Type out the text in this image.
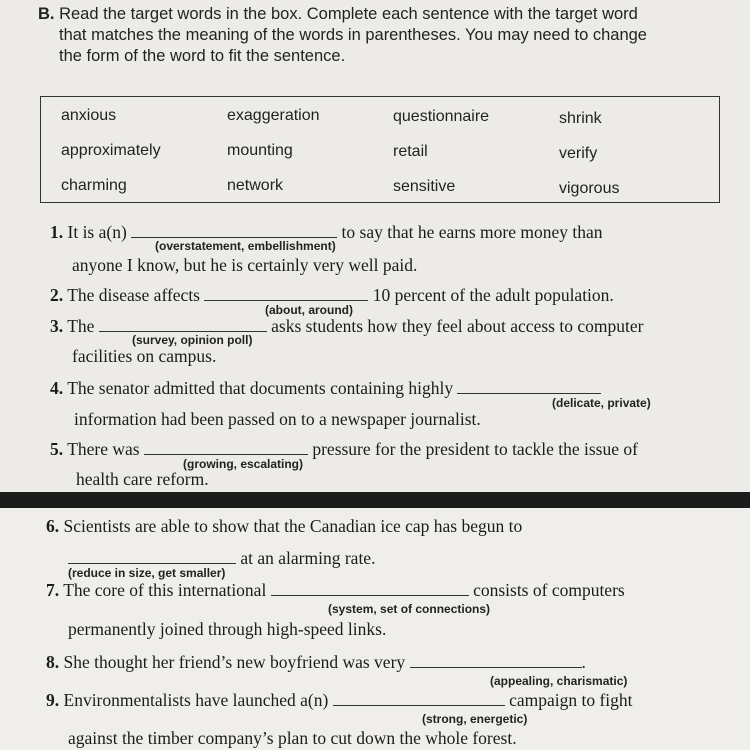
B. Read the target words in the box. Complete each sentence with the target word
that matches the meaning of the words in parentheses. You may need to change
the form of the word to fit the sentence.
anxious	exaggeration	questionnaire	shrink
approximately	mounting	retail	verify
charming	network	sensitive	vigorous
1. It is a(n)	to say that he earns more money than
(overstatement, embellishment)
anyone I know, but he is certainly very well paid.
2. The disease affects	10 percent of the adult population.
(about, around)
3. The	asks students how they feel about access to computer
(survey, opinion poll)
facilities on campus.
4. The senator admitted that documents containing highly
(delicate, private)
information had been passed on to a newspaper journalist.
5. There was	pressure for the president to tackle the issue of
(growing, escalating)
health care reform.
6. Scientists are able to show that the Canadian ice cap has begun to
at an alarming rate.
(reduce in size, get smaller)
7. The core of this international	consists of computers
(system, set of connections)
permanently joined through high-speed links.
8. She thought her friend’s new boyfriend was very	.
(appealing, charismatic)
9. Environmentalists have launched a(n)	campaign to fight
(strong, energetic)
against the timber company’s plan to cut down the whole forest.
